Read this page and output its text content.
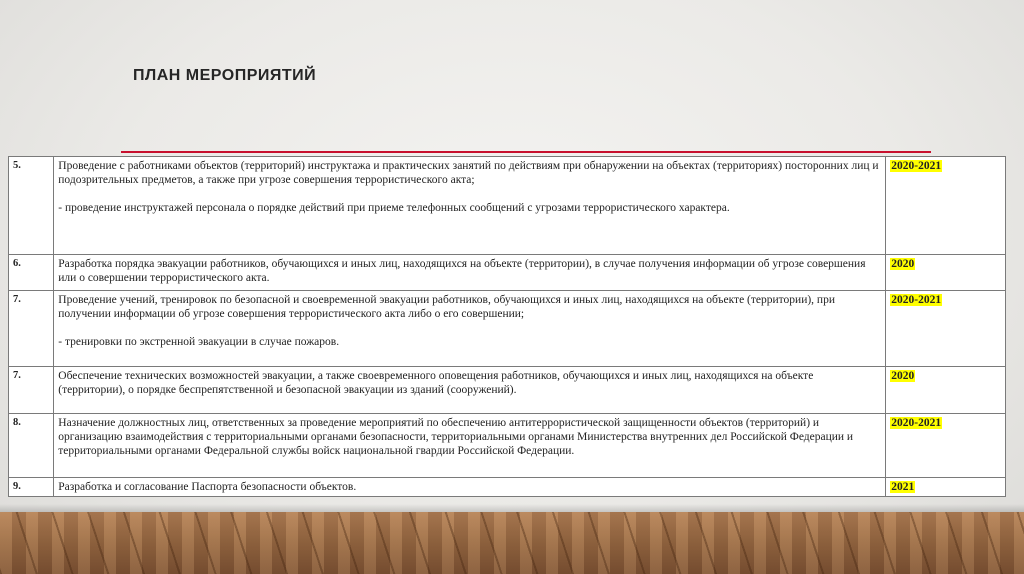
ПЛАН МЕРОПРИЯТИЙ
5.	Проведение с работниками объектов (территорий) инструктажа и практических занятий по действиям при обнаружении на объектах (территориях) посторонних лиц и подозрительных предметов, а также при угрозе совершения террористического акта;
- проведение инструктажей персонала о порядке действий при приеме телефонных сообщений с угрозами террористического характера.	2020-2021
6.	Разработка порядка эвакуации работников, обучающихся и иных лиц, находящихся на объекте (территории), в случае получения информации об угрозе совершения или о совершении террористического акта.	2020
7.	Проведение учений, тренировок по безопасной и своевременной эвакуации работников, обучающихся и иных лиц, находящихся на объекте (территории), при получении информации об угрозе совершения террористического акта либо о его совершении;
- тренировки по экстренной эвакуации в случае пожаров.	2020-2021
7.	Обеспечение технических возможностей эвакуации, а также своевременного оповещения работников, обучающихся и иных лиц, находящихся на объекте (территории), о порядке беспрепятственной и безопасной эвакуации из зданий (сооружений).	2020
8.	Назначение должностных лиц, ответственных за проведение мероприятий по обеспечению антитеррористической защищенности объектов (территорий) и организацию взаимодействия с территориальными органами безопасности, территориальными органами Министерства внутренних дел Российской Федерации и территориальными органами Федеральной службы войск национальной гвардии Российской Федерации.	2020-2021
9.	Разработка и согласование Паспорта безопасности объектов.	2021
